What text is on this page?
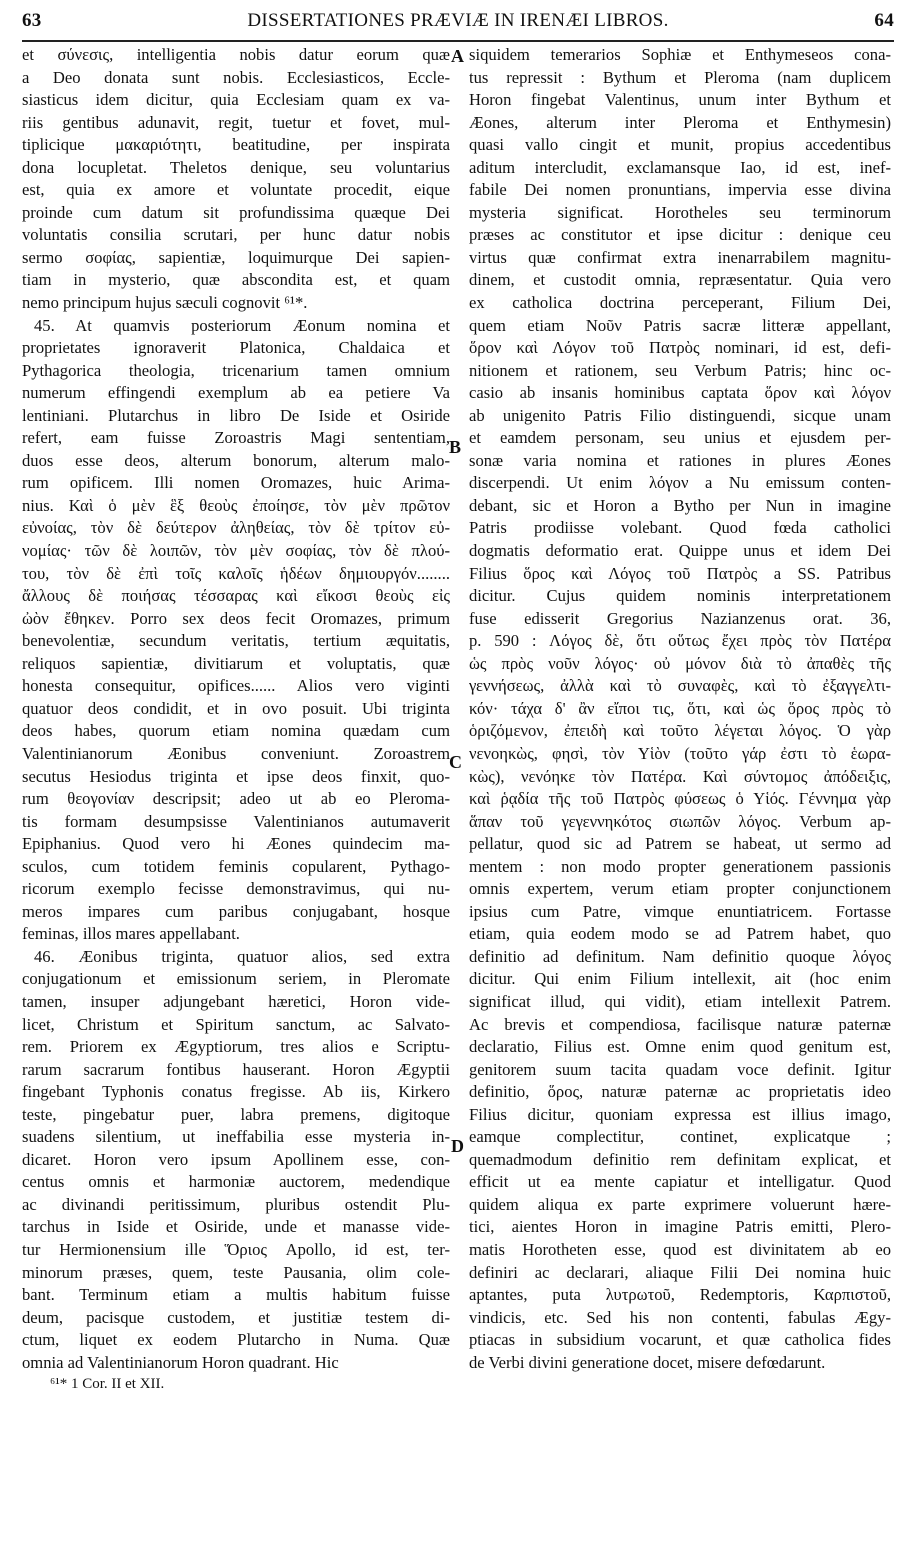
63	DISSERTATIONES PRÆVIÆ IN IRENÆI LIBROS.	64
A
B
C
D
et σύνεσις, intelligentia nobis datur eorum quæ
a Deo donata sunt nobis. Ecclesiasticos, Eccle-
siasticus idem dicitur, quia Ecclesiam quam ex va-
riis gentibus adunavit, regit, tuetur et fovet, mul-
tiplicique μακαριότητι, beatitudine, per inspirata
dona locupletat. Theletos denique, seu voluntarius
est, quia ex amore et voluntate procedit, eique
proinde cum datum sit profundissima quæque Dei
voluntatis consilia scrutari, per hunc datur nobis
sermo σοφίας, sapientiæ, loquimurque Dei sapien-
tiam in mysterio, quæ abscondita est, et quam
nemo principum hujus sæculi cognovit ⁶¹*.
45. At quamvis posteriorum Æonum nomina et
proprietates ignoraverit Platonica, Chaldaica et
Pythagorica theologia, tricenarium tamen omnium
numerum effingendi exemplum ab ea petiere Va
lentiniani. Plutarchus in libro De Iside et Osiride
refert, eam fuisse Zoroastris Magi sententiam,
duos esse deos, alterum bonorum, alterum malo-
rum opificem. Illi nomen Oromazes, huic Arima-
nius. Καὶ ὁ μὲν ἓξ θεοὺς ἐποίησε, τὸν μὲν πρῶτον
εὐνοίας, τὸν δὲ δεύτερον ἀληθείας, τὸν δὲ τρίτον εὐ-
νομίας· τῶν δὲ λοιπῶν, τὸν μὲν σοφίας, τὸν δὲ πλού-
του, τὸν δὲ ἐπὶ τοῖς καλοῖς ἡδέων δημιουργόν........
ἄλλους δὲ ποιήσας τέσσαρας καὶ εἴκοσι θεοὺς εἰς
ὠὸν ἔθηκεν. Porro sex deos fecit Oromazes, primum
benevolentiæ, secundum veritatis, tertium æquitatis,
reliquos sapientiæ, divitiarum et voluptatis, quæ
honesta consequitur, opifices...... Alios vero viginti
quatuor deos condidit, et in ovo posuit. Ubi triginta
deos habes, quorum etiam nomina quædam cum
Valentinianorum Æonibus conveniunt. Zoroastrem
secutus Hesiodus triginta et ipse deos finxit, quo-
rum θεογονίαν descripsit; adeo ut ab eo Pleroma-
tis formam desumpsisse Valentinianos autumaverit
Epiphanius. Quod vero hi Æones quindecim ma-
sculos, cum totidem feminis copularent, Pythago-
ricorum exemplo fecisse demonstravimus, qui nu-
meros impares cum paribus conjugabant, hosque
feminas, illos mares appellabant.
46. Æonibus triginta, quatuor alios, sed extra
conjugationum et emissionum seriem, in Pleromate
tamen, insuper adjungebant hæretici, Horon vide-
licet, Christum et Spiritum sanctum, ac Salvato-
rem. Priorem ex Ægyptiorum, tres alios e Scriptu-
rarum sacrarum fontibus hauserant. Horon Ægyptii
fingebant Typhonis conatus fregisse. Ab iis, Kirkero
teste, pingebatur puer, labra premens, digitoque
suadens silentium, ut ineffabilia esse mysteria in-
dicaret. Horon vero ipsum Apollinem esse, con-
centus omnis et harmoniæ auctorem, medendique
ac divinandi peritissimum, pluribus ostendit Plu-
tarchus in Iside et Osiride, unde et manasse vide-
tur Hermionensium ille Ὅριος Apollo, id est, ter-
minorum præses, quem, teste Pausania, olim cole-
bant. Terminum etiam a multis habitum fuisse
deum, pacisque custodem, et justitiæ testem di-
ctum, liquet ex eodem Plutarcho in Numa. Quæ
omnia ad Valentinianorum Horon quadrant. Hic
⁶¹* 1 Cor. II et XII.
siquidem temerarios Sophiæ et Enthymeseos cona-
tus repressit : Bythum et Pleroma (nam duplicem
Horon fingebat Valentinus, unum inter Bythum et
Æones, alterum inter Pleroma et Enthymesin)
quasi vallo cingit et munit, propius accedentibus
aditum intercludit, exclamansque Iao, id est, inef-
fabile Dei nomen pronuntians, impervia esse divina
mysteria significat. Horotheles seu terminorum
præses ac constitutor et ipse dicitur : denique ceu
virtus quæ confirmat extra inenarrabilem magnitu-
dinem, et custodit omnia, repræsentatur. Quia vero
ex catholica doctrina perceperant, Filium Dei,
quem etiam Νοῦν Patris sacræ litteræ appellant,
ὅρον καὶ Λόγον τοῦ Πατρὸς nominari, id est, defi-
nitionem et rationem, seu Verbum Patris; hinc oc-
casio ab insanis hominibus captata ὅρον καὶ λόγον
ab unigenito Patris Filio distinguendi, sicque unam
et eamdem personam, seu unius et ejusdem per-
sonæ varia nomina et rationes in plures Æones
discerpendi. Ut enim λόγον a Nu emissum conten-
debant, sic et Horon a Bytho per Nun in imagine
Patris prodiisse volebant. Quod fœda catholici
dogmatis deformatio erat. Quippe unus et idem Dei
Filius ὅρος καὶ Λόγος τοῦ Πατρὸς a SS. Patribus
dicitur. Cujus quidem nominis interpretationem
fuse edisserit Gregorius Nazianzenus orat. 36,
p. 590 : Λόγος δὲ, ὅτι οὕτως ἔχει πρὸς τὸν Πατέρα
ὡς πρὸς νοῦν λόγος· οὐ μόνον διὰ τὸ ἀπαθὲς τῆς
γεννήσεως, ἀλλὰ καὶ τὸ συναφὲς, καὶ τὸ ἐξαγγελτι-
κόν· τάχα δ' ἂν εἴποι τις, ὅτι, καὶ ὡς ὅρος πρὸς τὸ
ὁριζόμενον, ἐπειδὴ καὶ τοῦτο λέγεται λόγος. Ὁ γὰρ
νενοηκὼς, φησὶ, τὸν Υἱὸν (τοῦτο γάρ ἐστι τὸ ἑωρα-
κὼς), νενόηκε τὸν Πατέρα. Καὶ σύντομος ἀπόδειξις,
καὶ ῥᾳδία τῆς τοῦ Πατρὸς φύσεως ὁ Υἱός. Γέννημα γὰρ
ἅπαν τοῦ γεγεννηκότος σιωπῶν λόγος. Verbum ap-
pellatur, quod sic ad Patrem se habeat, ut sermo ad
mentem : non modo propter generationem passionis
omnis expertem, verum etiam propter conjunctionem
ipsius cum Patre, vimque enuntiatricem. Fortasse
etiam, quia eodem modo se ad Patrem habet, quo
definitio ad definitum. Nam definitio quoque λόγος
dicitur. Qui enim Filium intellexit, ait (hoc enim
significat illud, qui vidit), etiam intellexit Patrem.
Ac brevis et compendiosa, facilisque naturæ paternæ
declaratio, Filius est. Omne enim quod genitum est,
genitorem suum tacita quadam voce definit. Igitur
definitio, ὅρος, naturæ paternæ ac proprietatis ideo
Filius dicitur, quoniam expressa est illius imago,
eamque complectitur, continet, explicatque ;
quemadmodum definitio rem definitam explicat, et
efficit ut ea mente capiatur et intelligatur. Quod
quidem aliqua ex parte exprimere voluerunt hære-
tici, aientes Horon in imagine Patris emitti, Plero-
matis Horotheten esse, quod est divinitatem ab eo
definiri ac declarari, aliaque Filii Dei nomina huic
aptantes, puta λυτρωτοῦ, Redemptoris, Καρπιστοῦ,
vindicis, etc. Sed his non contenti, fabulas Ægy-
ptiacas in subsidium vocarunt, et quæ catholica fides
de Verbi divini generatione docet, misere defœdarunt.
